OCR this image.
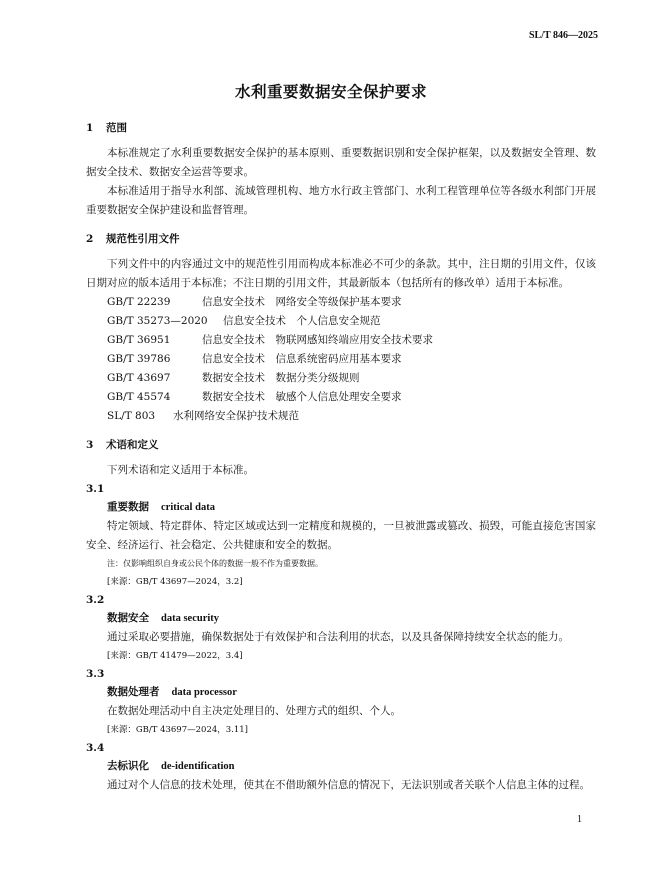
SL/T 846—2025
水利重要数据安全保护要求
1	范围

本标准规定了水利重要数据安全保护的基本原则、重要数据识别和安全保护框架，以及数据安全管理、数据安全技术、数据安全运营等要求。

本标准适用于指导水利部、流域管理机构、地方水行政主管部门、水利工程管理单位等各级水利部门开展重要数据安全保护建设和监督管理。

2	规范性引用文件

下列文件中的内容通过文中的规范性引用而构成本标准必不可少的条款。其中，注日期的引用文件，仅该日期对应的版本适用于本标准；不注日期的引用文件，其最新版本（包括所有的修改单）适用于本标准。

GB/T 22239	信息安全技术　网络安全等级保护基本要求
GB/T 35273—2020 信息安全技术　个人信息安全规范
GB/T 36951	信息安全技术　物联网感知终端应用安全技术要求
GB/T 39786	信息安全技术　信息系统密码应用基本要求
GB/T 43697	数据安全技术　数据分类分级规则
GB/T 45574	数据安全技术　敏感个人信息处理安全要求
SL/T 803 水利网络安全保护技术规范
3	术语和定义

下列术语和定义适用于本标准。

3.1
重要数据 critical data

特定领域、特定群体、特定区域或达到一定精度和规模的，一旦被泄露或篡改、损毁，可能直接危害国家安全、经济运行、社会稳定、公共健康和安全的数据。

注：仅影响组织自身或公民个体的数据一般不作为重要数据。
[来源：GB/T 43697—2024，3.2]
3.2
数据安全 data security

通过采取必要措施，确保数据处于有效保护和合法利用的状态，以及具备保障持续安全状态的能力。

[来源：GB/T 41479—2022，3.4]
3.3
数据处理者 data processor

在数据处理活动中自主决定处理目的、处理方式的组织、个人。

[来源：GB/T 43697—2024，3.11]
3.4
去标识化 de-identification

通过对个人信息的技术处理，使其在不借助额外信息的情况下，无法识别或者关联个人信息主体的过程。

1
